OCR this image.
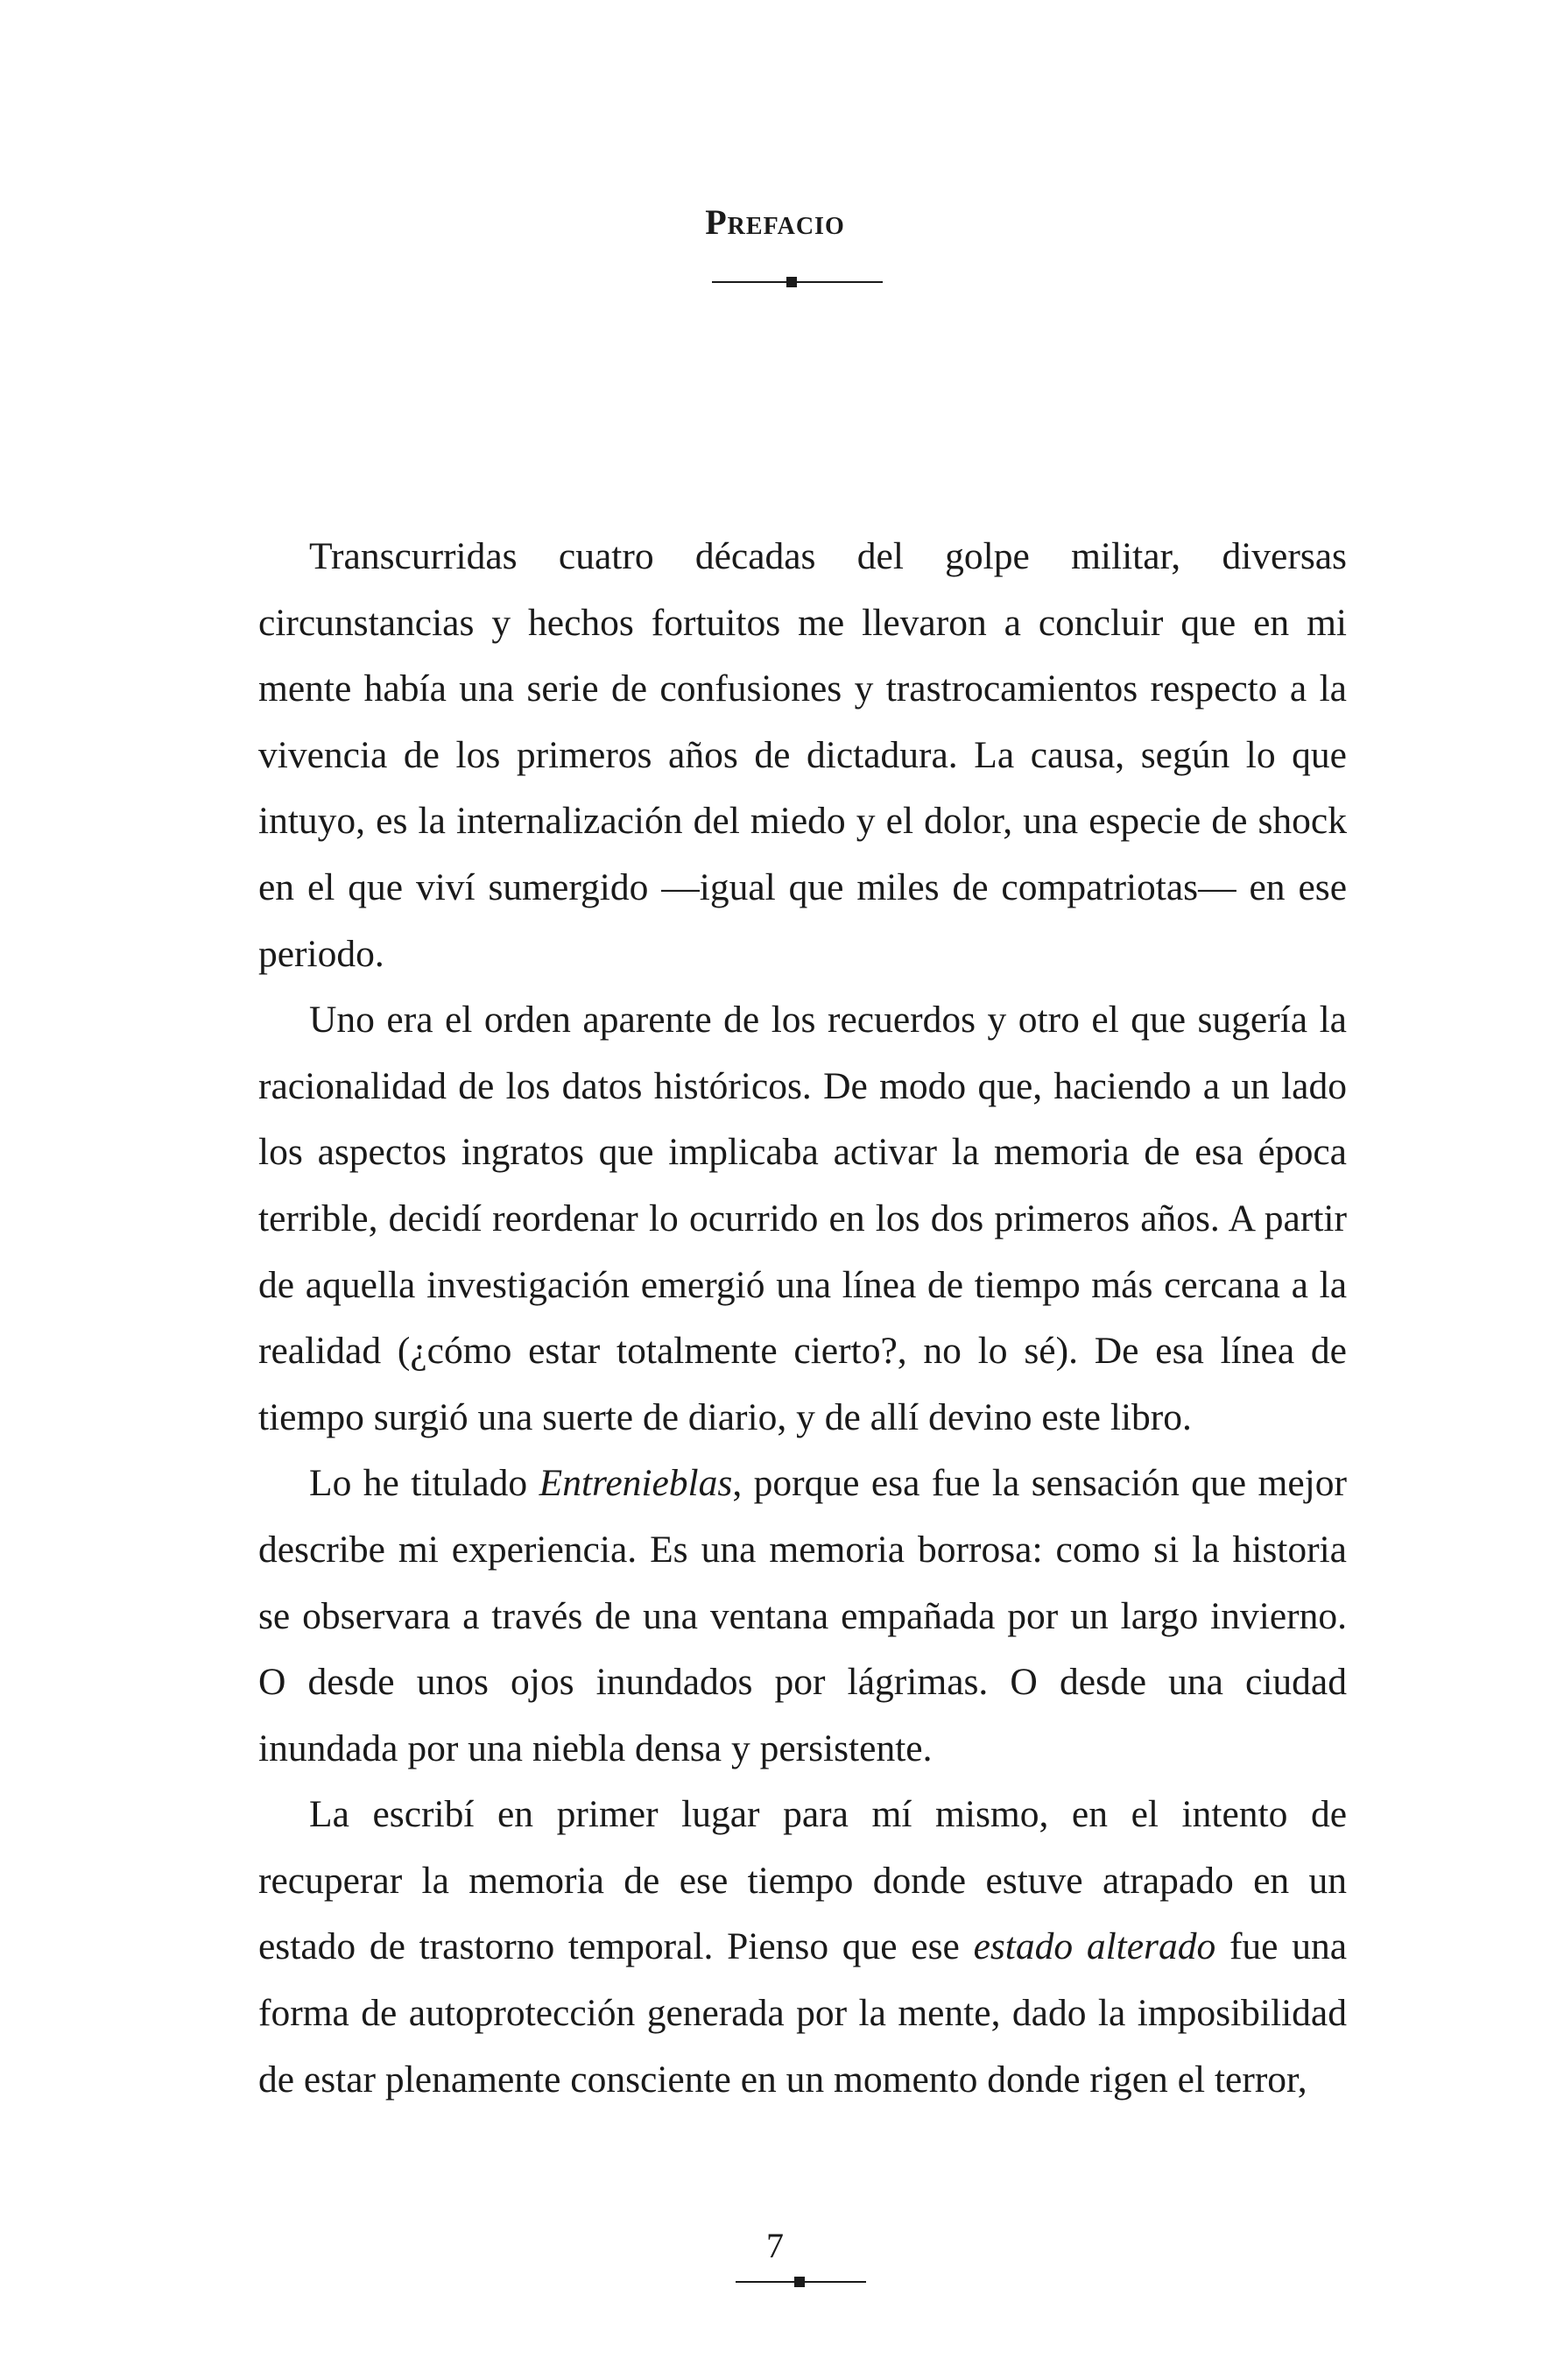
Prefacio

Transcurridas cuatro décadas del golpe militar, diversas circunstancias y hechos fortuitos me llevaron a concluir que en mi mente había una serie de confusiones y trastrocamientos respecto a la vivencia de los primeros años de dictadura. La causa, según lo que intuyo, es la internalización del miedo y el dolor, una especie de shock en el que viví sumergido —igual que miles de compatriotas— en ese periodo.

Uno era el orden aparente de los recuerdos y otro el que sugería la racionalidad de los datos históricos. De modo que, haciendo a un lado los aspectos ingratos que implicaba activar la memoria de esa época terrible, decidí reordenar lo ocurrido en los dos primeros años. A partir de aquella investigación emergió una línea de tiempo más cercana a la realidad (¿cómo estar totalmente cierto?, no lo sé). De esa línea de tiempo surgió una suerte de diario, y de allí devino este libro.

Lo he titulado Entrenieblas, porque esa fue la sensación que mejor describe mi experiencia. Es una memoria borrosa: como si la historia se observara a través de una ventana empañada por un largo invierno. O desde unos ojos inundados por lágrimas. O desde una ciudad inundada por una niebla densa y persistente.

La escribí en primer lugar para mí mismo, en el intento de recuperar la memoria de ese tiempo donde estuve atrapado en un estado de trastorno temporal. Pienso que ese estado alterado fue una forma de autoprotección generada por la mente, dado la imposibilidad de estar plenamente consciente en un momento donde rigen el terror,

7
